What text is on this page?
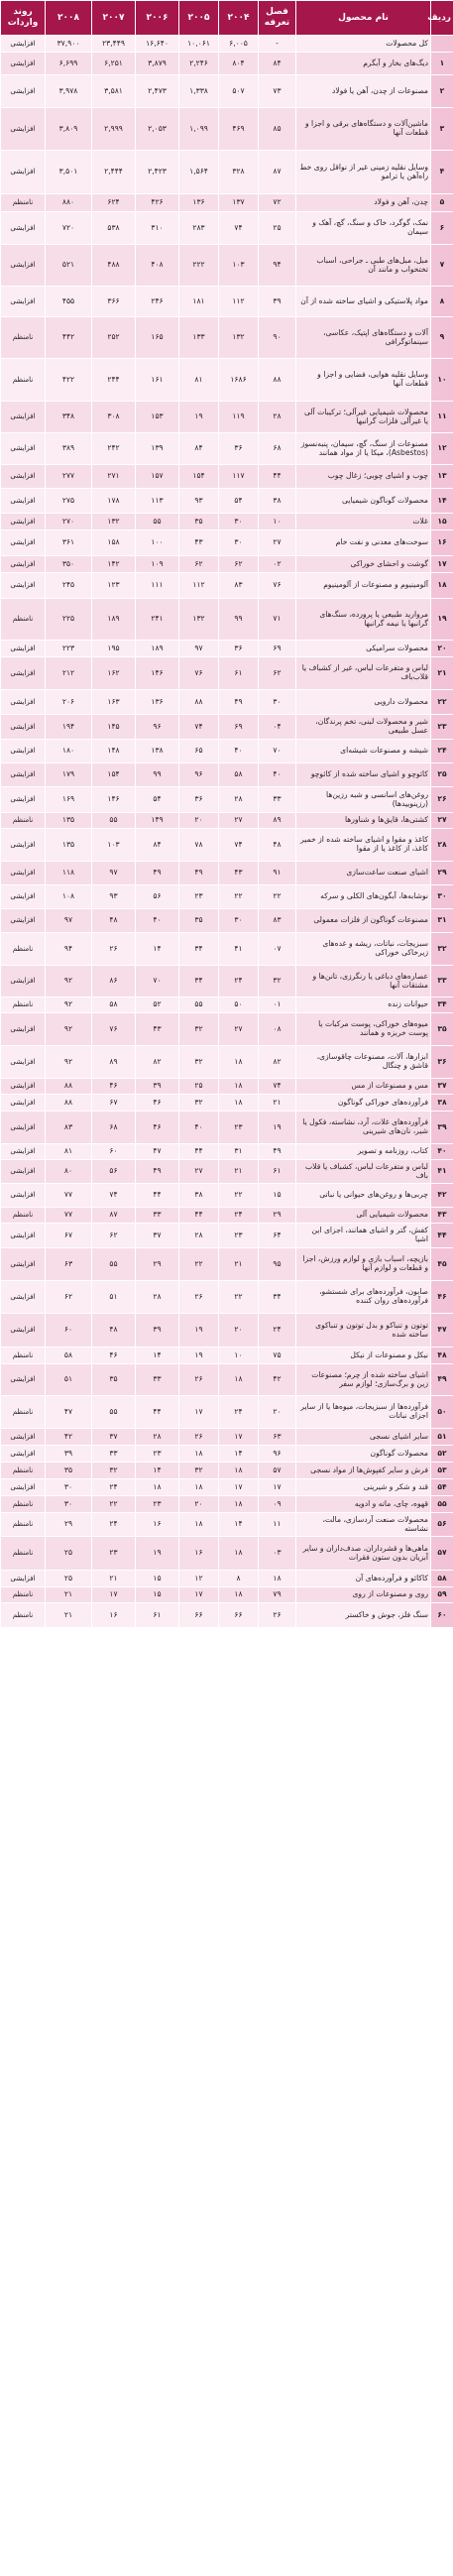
ردیف	نام محصول	فصل تعرفه	۲۰۰۴	۲۰۰۵	۲۰۰۶	۲۰۰۷	۲۰۰۸	روند واردات
	کل محصولات	-	۶,۰۰۵	۱۰,۰۶۱	۱۶,۶۴۰	۲۳,۴۴۹	۳۷,۹۰۰	افزایشی
۱	دیگ‌های بخار و آبگرم	۸۴	۸۰۴	۲,۲۴۶	۳,۸۷۹	۶,۲۵۱	۶,۶۹۹	افزایشی
۲	مصنوعات از چدن، آهن یا فولاد	۷۳	۵۰۷	۱,۳۳۸	۲,۴۷۳	۳,۵۸۱	۳,۹۷۸	افزایشی
۳	ماشین‌آلات و دستگاه‌های برقی و اجزا و قطعات آنها	۸۵	۴۶۹	۱,۰۹۹	۲,۰۵۳	۲,۹۹۹	۳,۸۰۹	افزایشی
۴	وسایل نقلیه زمینی غیر از نواقل روی خط راه‌آهن یا ترامو	۸۷	۳۲۸	۱,۵۶۴	۲,۴۲۳	۲,۴۴۴	۳,۵۰۱	افزایشی
۵	چدن، آهن و فولاد	۷۲	۱۳۷	۱۳۶	۴۲۶	۶۲۴	۸۸۰	نامنظم
۶	نمک، گوگرد، خاک و سنگ، گچ، آهک و سیمان	۲۵	۷۴	۲۸۳	۳۱۰	۵۳۸	۷۲۰	افزایشی
۷	مبل، مبل‌های طبی ـ جراحی، اسباب تختخواب و مانند آن	۹۴	۱۰۳	۲۲۲	۴۰۸	۴۸۸	۵۲۱	افزایشی
۸	مواد پلاستیکی و اشیای ساخته شده از آن	۳۹	۱۱۲	۱۸۱	۲۴۶	۳۶۶	۴۵۵	افزایشی
۹	آلات و دستگاه‌های اپتیک، عکاسی، سینماتوگرافی	۹۰	۱۳۲	۱۳۳	۱۶۵	۲۵۲	۴۴۲	نامنظم
۱۰	وسایل نقلیه هوایی، فضایی و اجزا و قطعات آنها	۸۸	۱۶۸۶	۸۱	۱۶۱	۲۴۴	۴۲۲	نامنظم
۱۱	محصولات شیمیایی غیرآلی؛ ترکیبات آلی یا غیرآلی فلزات گرانبها	۲۸	۱۱۹	۱۹	۱۵۳	۳۰۸	۳۴۸	افزایشی
۱۲	مصنوعات از سنگ، گچ، سیمان، پنبه‌نسوز (Asbestos)، میکا یا از مواد همانند	۶۸	۳۶	۸۴	۱۳۹	۲۴۲	۳۸۹	افزایشی
۱۳	چوب و اشیای چوبی؛ زغال چوب	۴۴	۱۱۷	۱۵۴	۱۵۷	۲۷۱	۲۷۷	افزایشی
۱۴	محصولات گوناگون شیمیایی	۳۸	۵۴	۹۳	۱۱۳	۱۷۸	۲۷۵	افزایشی
۱۵	غلات	۱۰	۳۰	۳۵	۵۵	۱۳۲	۲۷۰	افزایشی
۱۶	سوخت‌های معدنی و نفت خام	۲۷	۳۰	۴۳	۱۰۰	۱۵۸	۳۶۱	افزایشی
۱۷	گوشت و احشای خوراکی	۰۲	۶۲	۶۲	۱۰۹	۱۴۲	۳۵۰	افزایشی
۱۸	آلومینیوم و مصنوعات از آلومینیوم	۷۶	۸۳	۱۱۲	۱۱۱	۱۲۳	۲۴۵	افزایشی
۱۹	مروارید طبیعی یا پرورده، سنگ‌های گرانبها یا نیمه گرانبها	۷۱	۹۹	۱۳۲	۲۴۱	۱۸۹	۲۲۵	نامنظم
۲۰	محصولات سرامیکی	۶۹	۳۶	۹۷	۱۸۹	۱۹۵	۲۲۳	افزایشی
۲۱	لباس و متفرعات لباس، غیر از کشباف یا قلاب‌باف	۶۲	۶۱	۷۶	۱۴۶	۱۶۲	۲۱۲	افزایشی
۲۲	محصولات دارویی	۳۰	۴۹	۸۸	۱۳۶	۱۶۳	۲۰۶	افزایشی
۲۳	شیر و محصولات لبنی، تخم پرندگان، عسل طبیعی	۰۴	۶۹	۷۴	۹۶	۱۴۵	۱۹۴	افزایشی
۲۴	شیشه و مصنوعات شیشه‌ای	۷۰	۴۰	۶۵	۱۳۸	۱۴۸	۱۸۰	افزایشی
۲۵	کائوچو و اشیای ساخته شده از کائوچو	۴۰	۵۸	۹۶	۹۹	۱۵۴	۱۷۹	افزایشی
۲۶	روغن‌های اسانسی و شبه رزین‌ها (رزینوییدها)	۳۳	۲۸	۳۶	۵۴	۱۴۶	۱۶۹	افزایشی
۲۷	کشتی‌ها، قایق‌ها و شناورها	۸۹	۲۷	۲۰	۱۴۹	۵۵	۱۳۵	نامنظم
۲۸	کاغذ و مقوا و اشیای ساخته شده از خمیر کاغذ، از کاغذ یا از مقوا	۴۸	۷۴	۷۸	۸۴	۱۰۳	۱۳۵	افزایشی
۲۹	اشیای صنعت ساعت‌سازی	۹۱	۴۳	۴۹	۴۹	۹۷	۱۱۸	افزایشی
۳۰	نوشابه‌ها، آبگون‌های الکلی و سرکه	۲۲	۲۲	۲۳	۵۶	۹۳	۱۰۸	افزایشی
۳۱	مصنوعات گوناگون از فلزات معمولی	۸۳	۳۰	۳۵	۴۰	۴۸	۹۷	افزایشی
۳۲	سبزیجات، نباتات، ریشه و غده‌های زیرخاکی خوراکی	۰۷	۴۱	۳۴	۱۴	۲۶	۹۴	نامنظم
۳۳	عصاره‌های دباغی یا رنگرزی، تانن‌ها و مشتقات آنها	۳۲	۲۴	۳۴	۷۰	۸۶	۹۲	افزایشی
۳۴	حیوانات زنده	۰۱	۵۰	۵۵	۵۲	۵۸	۹۲	نامنظم
۳۵	میوه‌های خوراکی، پوست مرکبات یا پوست خربزه و همانند	۰۸	۲۷	۳۲	۴۳	۷۶	۹۲	افزایشی
۳۶	ابزارها، آلات، مصنوعات چاقوسازی، قاشق و چنگال	۸۲	۱۸	۳۲	۸۲	۸۹	۹۲	افزایشی
۳۷	مس و مصنوعات از مس	۷۴	۱۸	۲۵	۳۹	۴۶	۸۸	افزایشی
۳۸	فرآورده‌های خوراکی گوناگون	۲۱	۱۸	۳۲	۴۶	۶۷	۸۸	افزایشی
۳۹	فرآورده‌های غلات، آرد، نشاسته، فکول یا شیر، نان‌های شیرینی	۱۹	۲۳	۴۰	۴۶	۶۸	۸۳	افزایشی
۴۰	کتاب، روزنامه و تصویر	۴۹	۳۱	۴۴	۴۷	۶۰	۸۱	افزایشی
۴۱	لباس و متفرعات لباس، کشباف یا قلاب باف	۶۱	۲۱	۲۷	۴۹	۵۶	۸۰	افزایشی
۴۲	چربی‌ها و روغن‌های حیوانی یا نباتی	۱۵	۲۲	۳۸	۴۴	۷۴	۷۷	افزایشی
۴۳	محصولات شیمیایی آلی	۲۹	۲۴	۴۴	۳۳	۸۷	۷۷	نامنظم
۴۴	کفش، گتر و اشیای همانند، اجزای این اشیا	۶۴	۲۳	۲۸	۳۷	۶۲	۶۷	افزایشی
۴۵	بازیچه، اسباب بازی و لوازم ورزش، اجزا و قطعات و لوازم آنها	۹۵	۲۱	۲۲	۲۹	۵۵	۶۳	افزایشی
۴۶	صابون، فرآورده‌های برای شستشو، فرآورده‌های روان کننده	۳۴	۲۲	۲۶	۲۸	۵۱	۶۲	افزایشی
۴۷	توتون و تنباکو و بدل توتون و تنباکوی ساخته شده	۲۴	۲۰	۱۹	۳۹	۴۸	۶۰	افزایشی
۴۸	نیکل و مصنوعات از نیکل	۷۵	۱۰	۱۹	۱۴	۴۶	۵۸	نامنظم
۴۹	اشیای ساخته شده از چرم؛ مصنوعات زین و برگ‌سازی؛ لوازم سفر	۴۲	۱۸	۲۶	۳۳	۳۵	۵۱	افزایشی
۵۰	فرآورده‌ها از سبزیجات، میوه‌ها یا از سایر اجزای نباتات	۲۰	۲۴	۱۷	۴۴	۵۵	۴۷	نامنظم
۵۱	سایر اشیای نسجی	۶۳	۱۷	۲۶	۲۸	۳۷	۴۲	افزایشی
۵۲	محصولات گوناگون	۹۶	۱۴	۱۸	۲۳	۳۳	۳۹	افزایشی
۵۳	فرش و سایر کفپوش‌ها از مواد نسجی	۵۷	۱۸	۳۲	۱۴	۳۲	۳۵	نامنظم
۵۴	قند و شکر و شیرینی	۱۷	۱۷	۱۸	۱۸	۲۴	۳۰	افزایشی
۵۵	قهوه، چای، ماته و ادویه	۰۹	۱۸	۲۰	۲۳	۲۲	۳۰	نامنظم
۵۶	محصولات صنعت آردسازی، مالت، نشاسته	۱۱	۱۴	۱۸	۱۶	۲۴	۲۹	نامنظم
۵۷	ماهی‌ها و قشرداران، صدف‌داران و سایر آبزیان بدون ستون فقرات	۰۳	۱۸	۱۶	۱۹	۲۳	۲۵	نامنظم
۵۸	کاکائو و فرآورده‌های آن	۱۸	۸	۱۲	۱۵	۲۱	۲۵	افزایشی
۵۹	روی و مصنوعات از روی	۷۹	۱۸	۱۷	۱۵	۱۷	۲۱	نامنظم
۶۰	سنگ فلز، جوش و خاکستر	۲۶	۶۶	۶۶	۶۱	۱۶	۲۱	نامنظم
